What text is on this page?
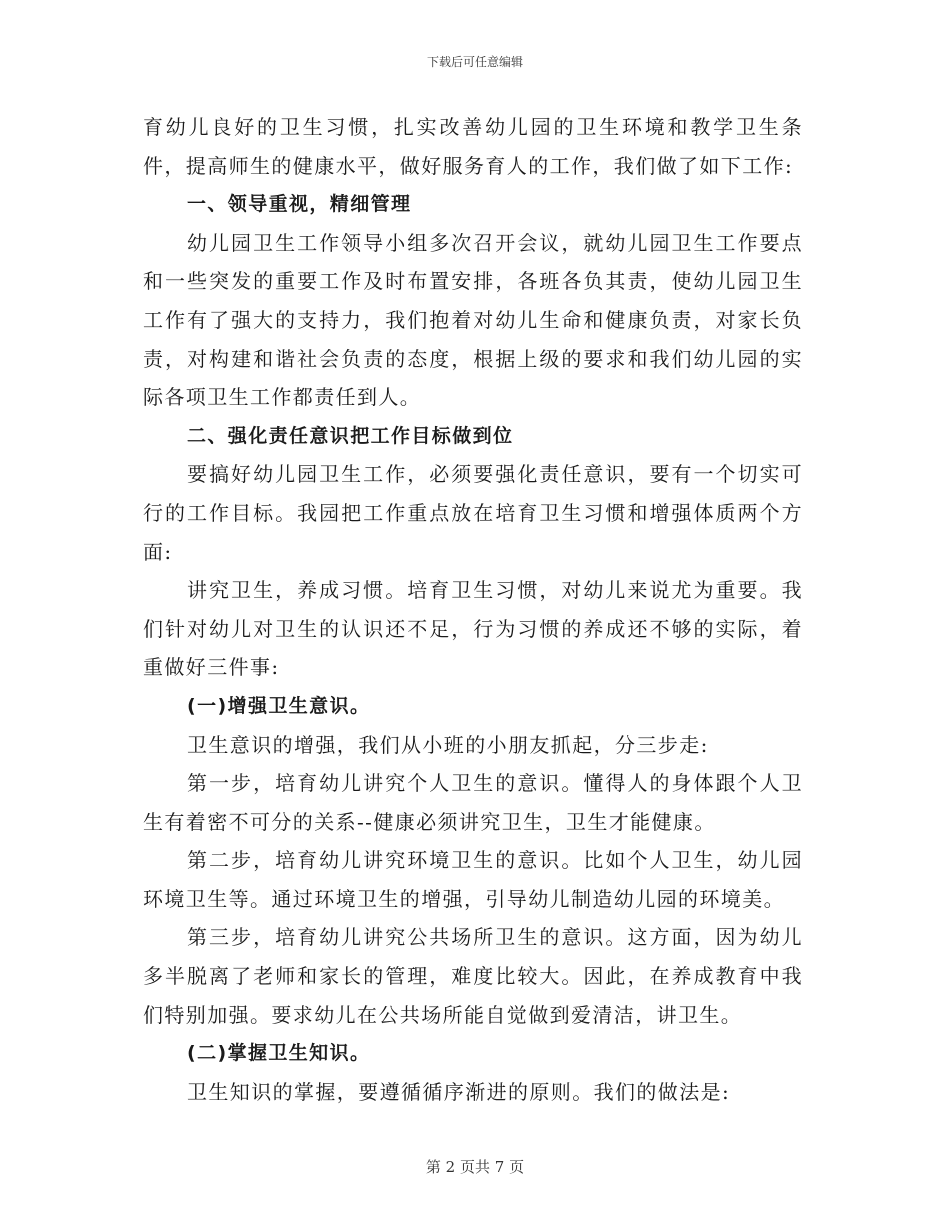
下载后可任意编辑

育幼儿良好的卫生习惯，扎实改善幼儿园的卫生环境和教学卫生条件，提高师生的健康水平，做好服务育人的工作，我们做了如下工作:

一、领导重视，精细管理

幼儿园卫生工作领导小组多次召开会议，就幼儿园卫生工作要点和一些突发的重要工作及时布置安排，各班各负其责，使幼儿园卫生工作有了强大的支持力，我们抱着对幼儿生命和健康负责，对家长负责，对构建和谐社会负责的态度，根据上级的要求和我们幼儿园的实际各项卫生工作都责任到人。

二、强化责任意识把工作目标做到位

要搞好幼儿园卫生工作，必须要强化责任意识，要有一个切实可行的工作目标。我园把工作重点放在培育卫生习惯和增强体质两个方面:

讲究卫生，养成习惯。培育卫生习惯，对幼儿来说尤为重要。我们针对幼儿对卫生的认识还不足，行为习惯的养成还不够的实际，着重做好三件事:

(一)增强卫生意识。

卫生意识的增强，我们从小班的小朋友抓起，分三步走:

第一步，培育幼儿讲究个人卫生的意识。懂得人的身体跟个人卫生有着密不可分的关系--健康必须讲究卫生，卫生才能健康。

第二步，培育幼儿讲究环境卫生的意识。比如个人卫生，幼儿园环境卫生等。通过环境卫生的增强，引导幼儿制造幼儿园的环境美。

第三步，培育幼儿讲究公共场所卫生的意识。这方面，因为幼儿多半脱离了老师和家长的管理，难度比较大。因此，在养成教育中我们特别加强。要求幼儿在公共场所能自觉做到爱清洁，讲卫生。

(二)掌握卫生知识。

卫生知识的掌握，要遵循循序渐进的原则。我们的做法是:

第 2 页共 7 页
